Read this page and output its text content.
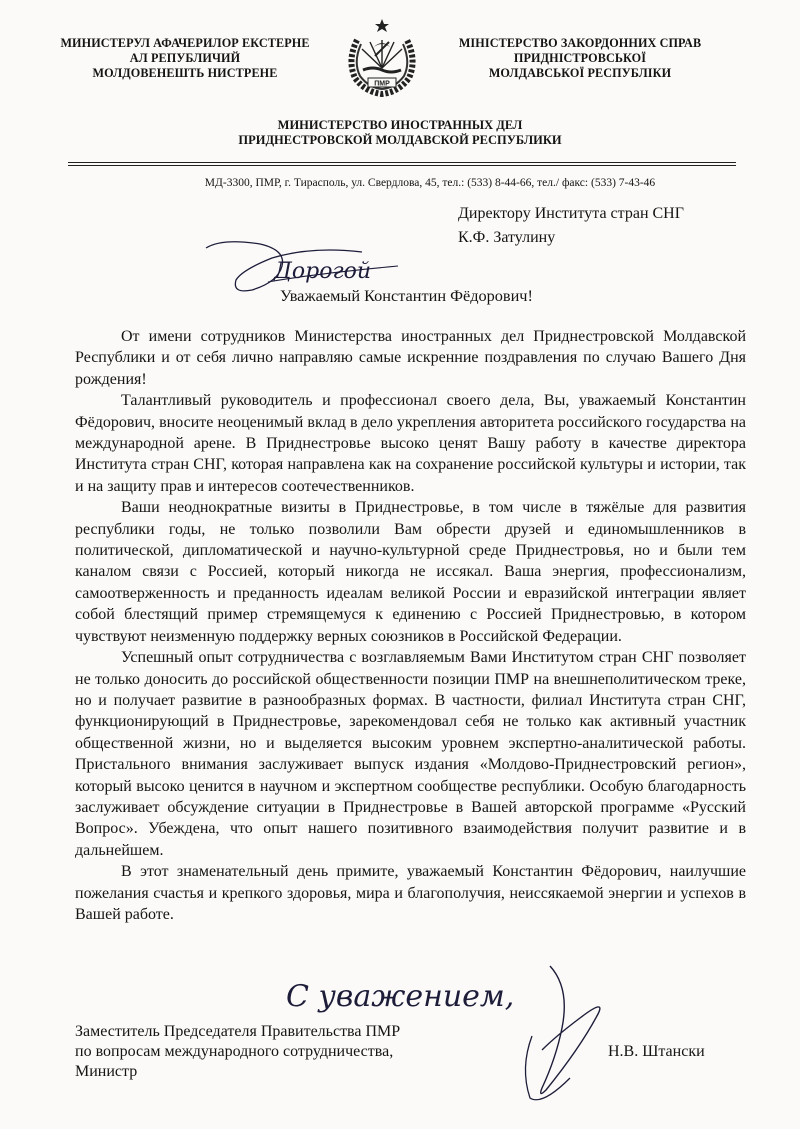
МИНИСТЕРУЛ АФАЧЕРИЛОР ЕКСТЕРНЕ
АЛ РЕПУБЛИЧИЙ
МОЛДОВЕНЕШТЬ НИСТРЕНЕ
ПМР
МІНІСТЕРСТВО ЗАКОРДОННИХ СПРАВ
ПРИДНІСТРОВСЬКОЇ
МОЛДАВСЬКОЇ РЕСПУБЛІКИ
МИНИСТЕРСТВО ИНОСТРАННЫХ ДЕЛ
ПРИДНЕСТРОВСКОЙ МОЛДАВСКОЙ РЕСПУБЛИКИ
МД-3300, ПМР, г. Тирасполь, ул. Свердлова, 45, тел.: (533) 8-44-66, тел./ факс: (533) 7-43-46
Директору Института стран СНГ
К.Ф. Затулину
Дорогой
Уважаемый Константин Фёдорович!

От имени сотрудников Министерства иностранных дел Приднестровской Молдавской Республики и от себя лично направляю самые искренние поздравления по случаю Вашего Дня рождения!

Талантливый руководитель и профессионал своего дела, Вы, уважаемый Константин Фёдорович, вносите неоценимый вклад в дело укрепления авторитета российского государства на международной арене. В Приднестровье высоко ценят Вашу работу в качестве директора Института стран СНГ, которая направлена как на сохранение российской культуры и истории, так и на защиту прав и интересов соотечественников.

Ваши неоднократные визиты в Приднестровье, в том числе в тяжёлые для развития республики годы, не только позволили Вам обрести друзей и единомышленников в политической, дипломатической и научно-культурной среде Приднестровья, но и были тем каналом связи с Россией, который никогда не иссякал. Ваша энергия, профессионализм, самоотверженность и преданность идеалам великой России и евразийской интеграции являет собой блестящий пример стремящемуся к единению с Россией Приднестровью, в котором чувствуют неизменную поддержку верных союзников в Российской Федерации.

Успешный опыт сотрудничества с возглавляемым Вами Институтом стран СНГ позволяет не только доносить до российской общественности позиции ПМР на внешнеполитическом треке, но и получает развитие в разнообразных формах. В частности, филиал Института стран СНГ, функционирующий в Приднестровье, зарекомендовал себя не только как активный участник общественной жизни, но и выделяется высоким уровнем экспертно-аналитической работы. Пристального внимания заслуживает выпуск издания «Молдово-Приднестровский регион», который высоко ценится в научном и экспертном сообществе республики. Особую благодарность заслуживает обсуждение ситуации в Приднестровье в Вашей авторской программе «Русский Вопрос». Убеждена, что опыт нашего позитивного взаимодействия получит развитие и в дальнейшем.

В этот знаменательный день примите, уважаемый Константин Фёдорович, наилучшие пожелания счастья и крепкого здоровья, мира и благополучия, неиссякаемой энергии и успехов в Вашей работе.

С уважением,
Заместитель Председателя Правительства ПМР
по вопросам международного сотрудничества,
Министр
Н.В. Штански
